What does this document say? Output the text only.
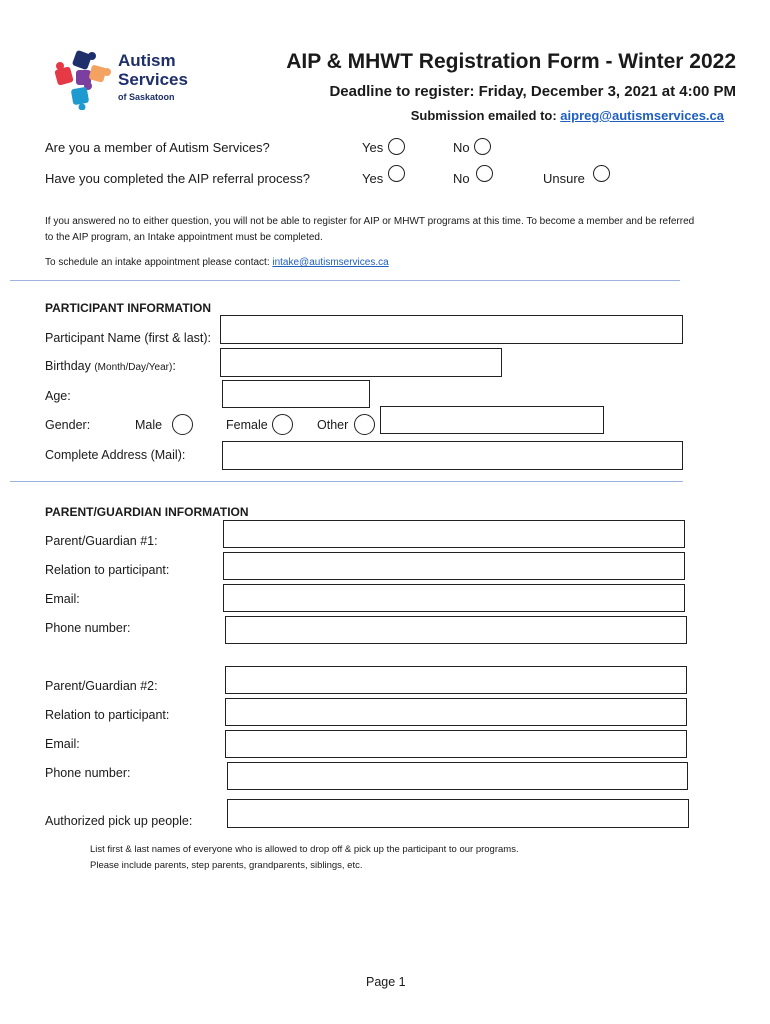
Autism
Services
of Saskatoon
AIP & MHWT Registration Form - Winter 2022
Deadline to register: Friday, December 3, 2021 at 4:00 PM
Submission emailed to: aipreg@autismservices.ca
Are you a member of Autism Services?	Yes	No
Have you completed the AIP referral process?	Yes	No	Unsure
If you answered no to either question, you will not be able to register for AIP or MHWT programs at this time. To become a member and be referred to the AIP program, an Intake appointment must be completed.
To schedule an intake appointment please contact: intake@autismservices.ca
PARTICIPANT INFORMATION
Participant Name (first & last):
Birthday (Month/Day/Year):
Age:
Gender:	Male	Female	Other
Complete Address (Mail):
PARENT/GUARDIAN INFORMATION
Parent/Guardian #1:
Relation to participant:
Email:
Phone number:
Parent/Guardian #2:
Relation to participant:
Email:
Phone number:
Authorized pick up people:
List first & last names of everyone who is allowed to drop off & pick up the participant to our programs.
Please include parents, step parents, grandparents, siblings, etc.
Page 1
